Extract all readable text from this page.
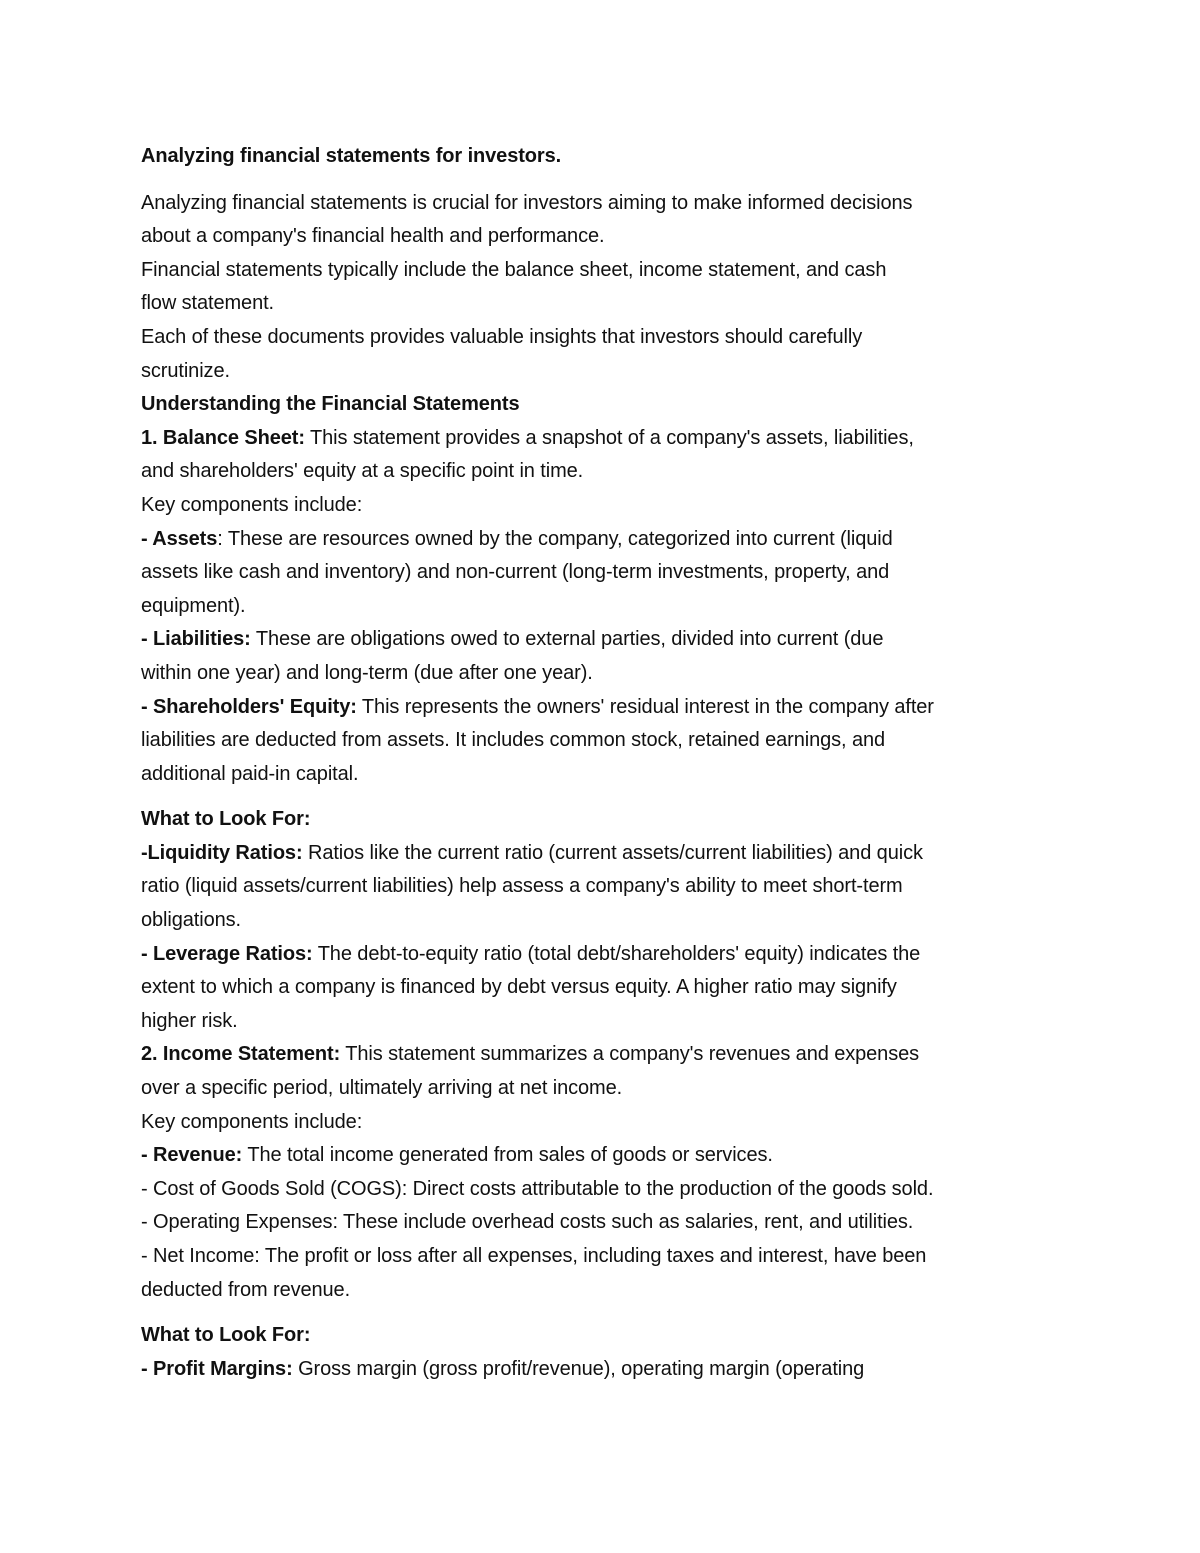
Analyzing financial statements for investors.
Analyzing financial statements is crucial for investors aiming to make informed decisions
about a company's financial health and performance.
Financial statements typically include the balance sheet, income statement, and cash
flow statement.
Each of these documents provides valuable insights that investors should carefully
scrutinize.
Understanding the Financial Statements
1. Balance Sheet: This statement provides a snapshot of a company's assets, liabilities,
and shareholders' equity at a specific point in time.
Key components include:
- Assets: These are resources owned by the company, categorized into current (liquid
assets like cash and inventory) and non-current (long-term investments, property, and
equipment).
- Liabilities: These are obligations owed to external parties, divided into current (due
within one year) and long-term (due after one year).
- Shareholders' Equity: This represents the owners' residual interest in the company after
liabilities are deducted from assets. It includes common stock, retained earnings, and
additional paid-in capital.
What to Look For:
-Liquidity Ratios: Ratios like the current ratio (current assets/current liabilities) and quick
ratio (liquid assets/current liabilities) help assess a company's ability to meet short-term
obligations.
- Leverage Ratios: The debt-to-equity ratio (total debt/shareholders' equity) indicates the
extent to which a company is financed by debt versus equity. A higher ratio may signify
higher risk.
2. Income Statement: This statement summarizes a company's revenues and expenses
over a specific period, ultimately arriving at net income.
Key components include:
- Revenue: The total income generated from sales of goods or services.
- Cost of Goods Sold (COGS): Direct costs attributable to the production of the goods sold.
- Operating Expenses: These include overhead costs such as salaries, rent, and utilities.
- Net Income: The profit or loss after all expenses, including taxes and interest, have been
deducted from revenue.
What to Look For:
- Profit Margins: Gross margin (gross profit/revenue), operating margin (operating
